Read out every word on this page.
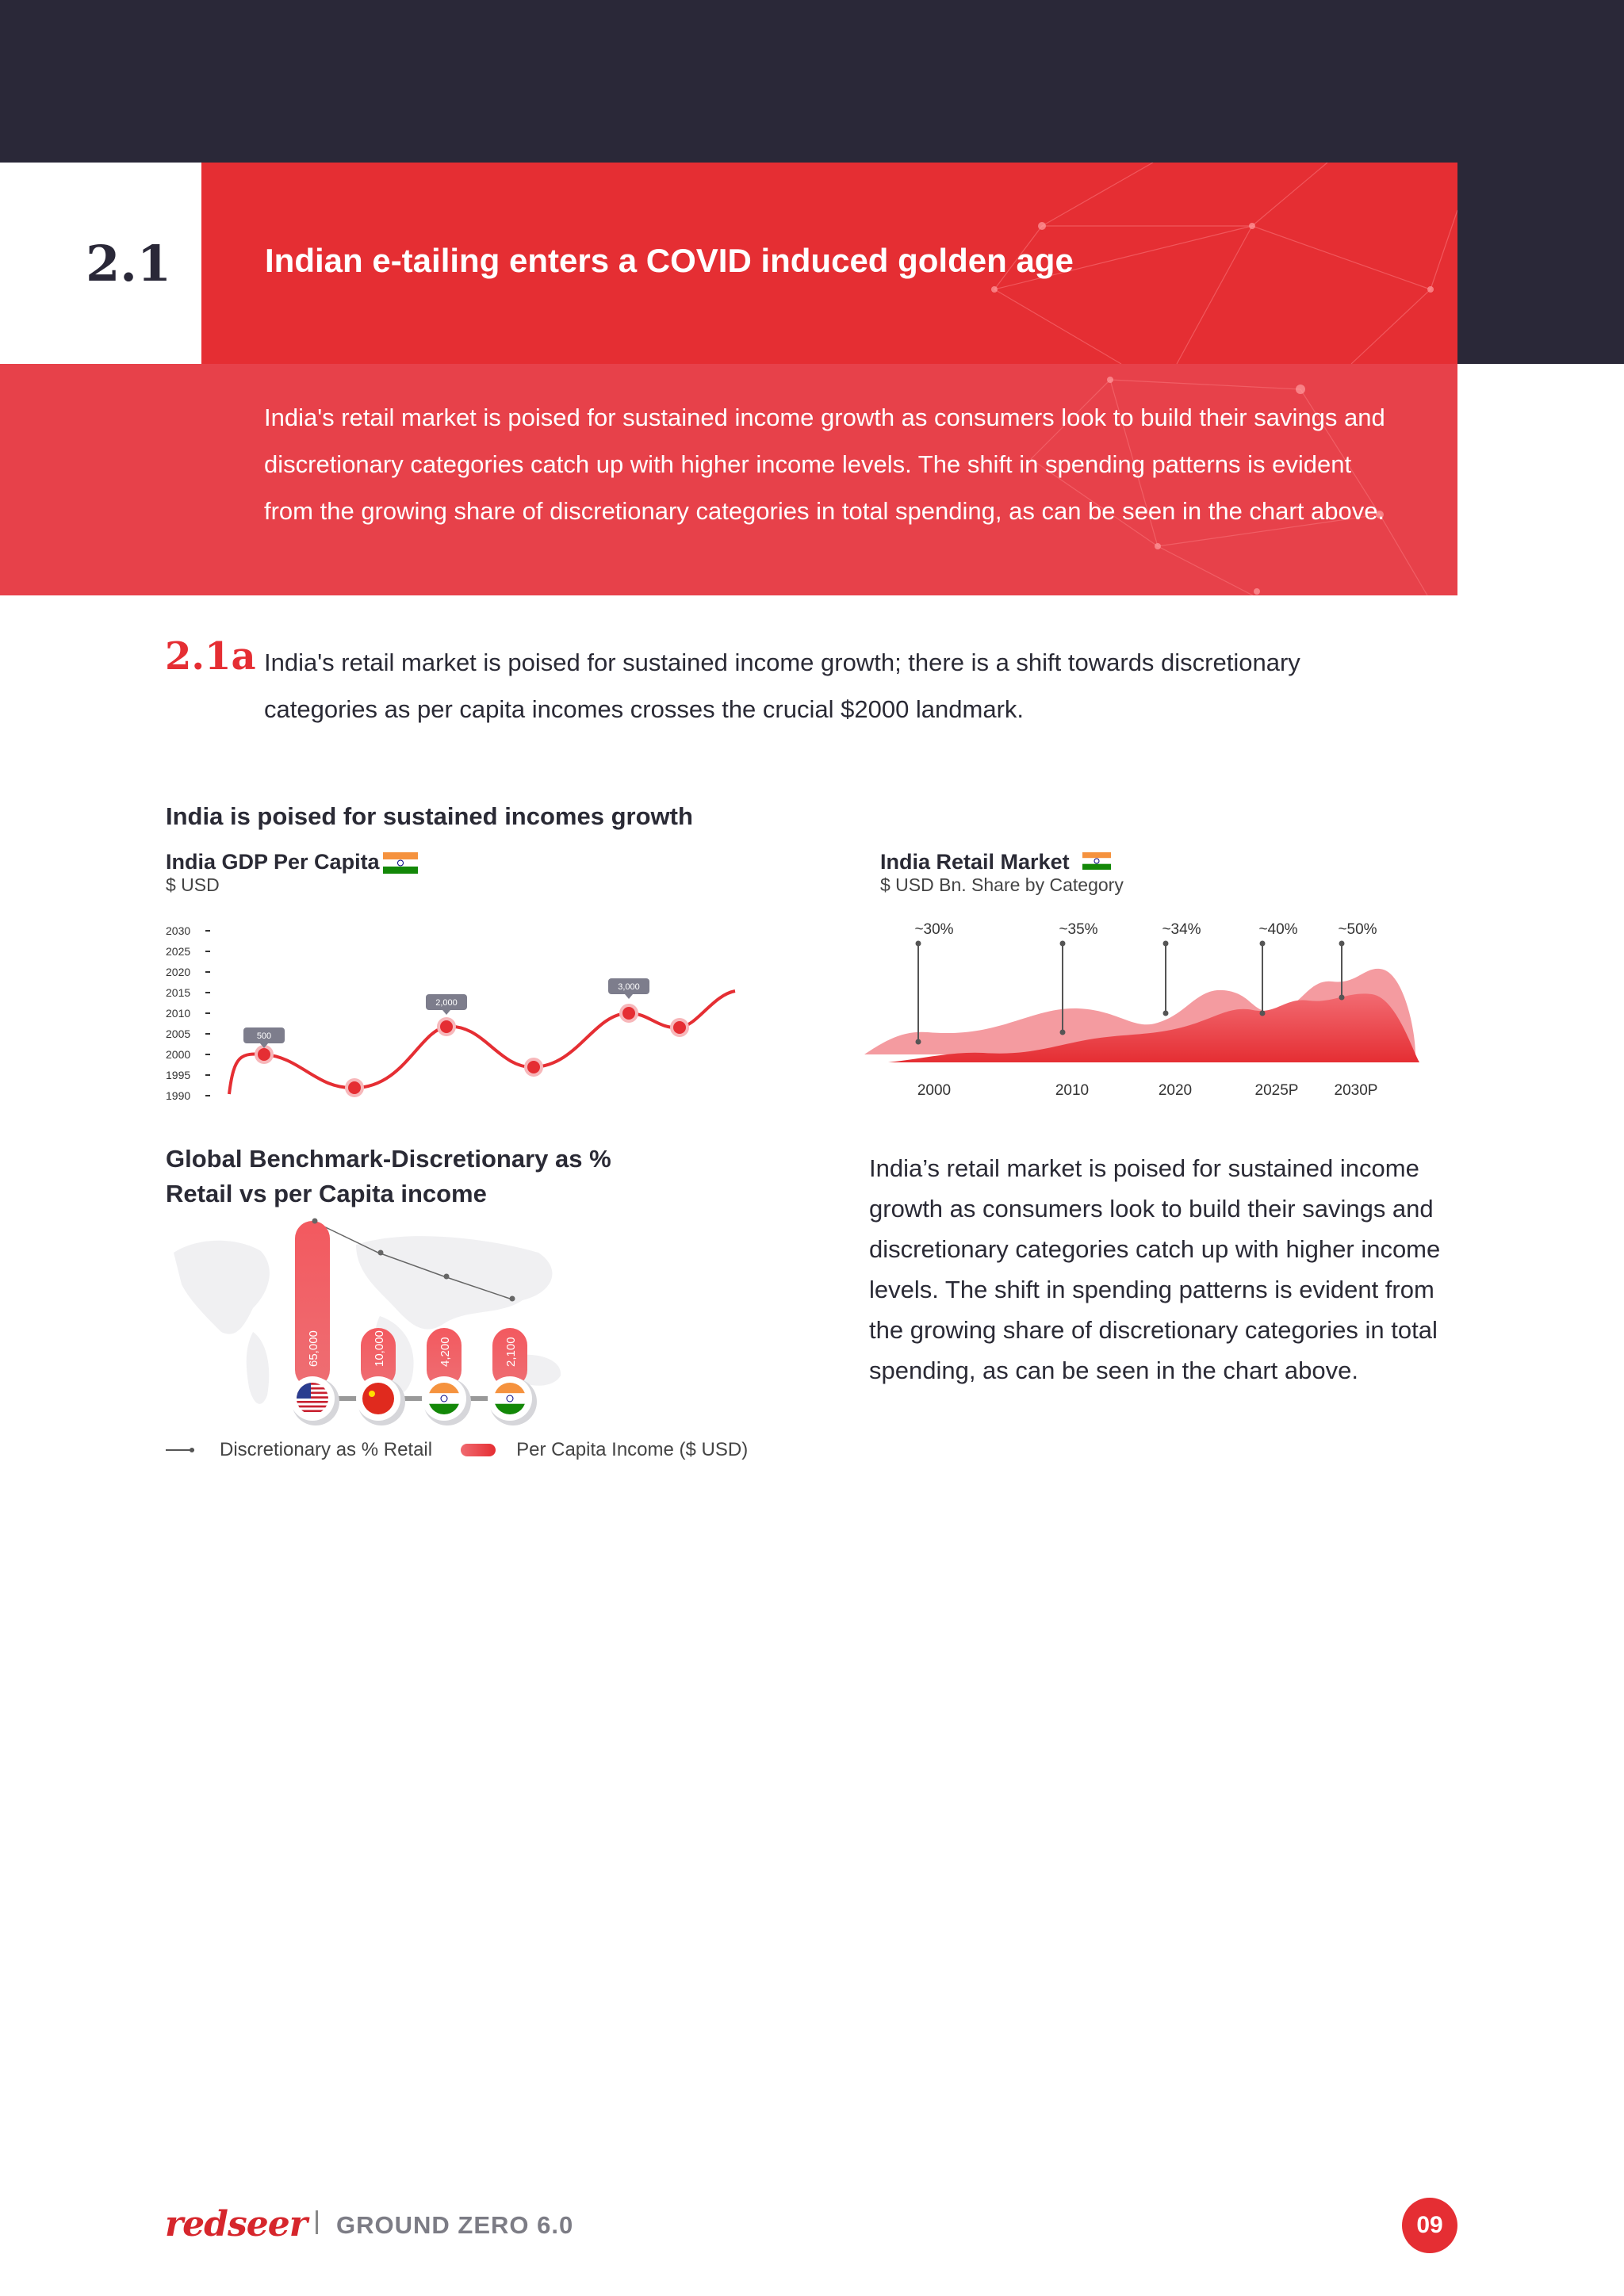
2.1	Indian e-tailing enters a COVID induced golden age

India's retail market is poised for sustained income growth as consumers look to build their savings and discretionary categories catch up with higher income levels. The shift in spending patterns is evident from the growing share of discretionary categories in total spending, as can be seen in the chart above.

2.1a India's retail market is poised for sustained income growth; there is a shift towards discretionary categories as per capita incomes crosses the crucial $2000 landmark.
India is poised for sustained incomes growth
India GDP Per Capita
$ USD
2030
2025
2020
2015
2010
2005
2000
1995
1990
500
2,000
3,000
India Retail Market
$ USD Bn. Share by Category
~30%	~35%	~34%	~40%	~50%
2000	2010	2020	2025P 2030P
Global Benchmark-Discretionary as % Retail vs per Capita income
65,000	10,000	4,200	2,100
Discretionary as % Retail	Per Capita Income ($ USD)
India’s retail market is poised for sustained income growth as consumers look to build their savings and discretionary categories catch up with higher income levels. The shift in spending patterns is evident from the growing share of discretionary categories in total spending, as can be seen in the chart above.
redseer GROUND ZERO 6.0	09
